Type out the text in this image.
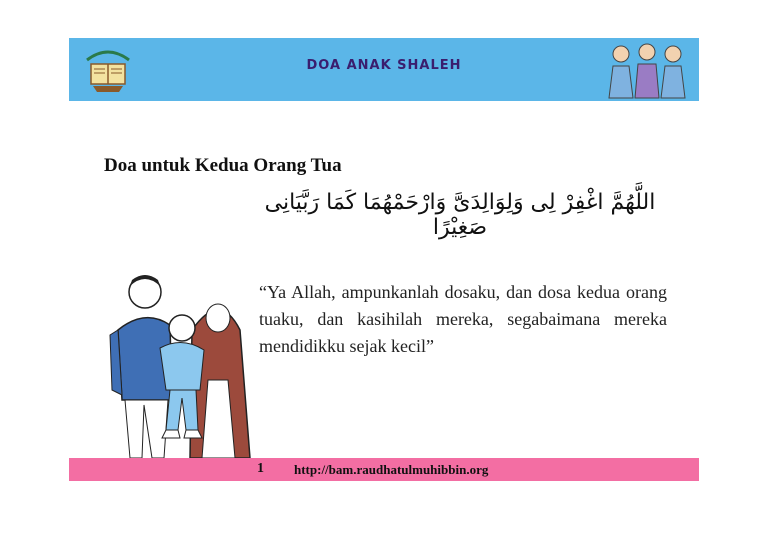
DOA ANAK SHALEH
Doa untuk Kedua Orang Tua
اللَّهُمَّ اغْفِرْ لِى وَلِوَالِدَىَّ وَارْحَمْهُمَا كَمَا رَبَّيَانِى صَغِيْرًا
“Ya Allah, ampunkanlah dosaku, dan dosa kedua orang tuaku, dan kasihilah mereka, segabaimana mereka mendidikku sejak kecil”
1 http://bam.raudhatulmuhibbin.org
